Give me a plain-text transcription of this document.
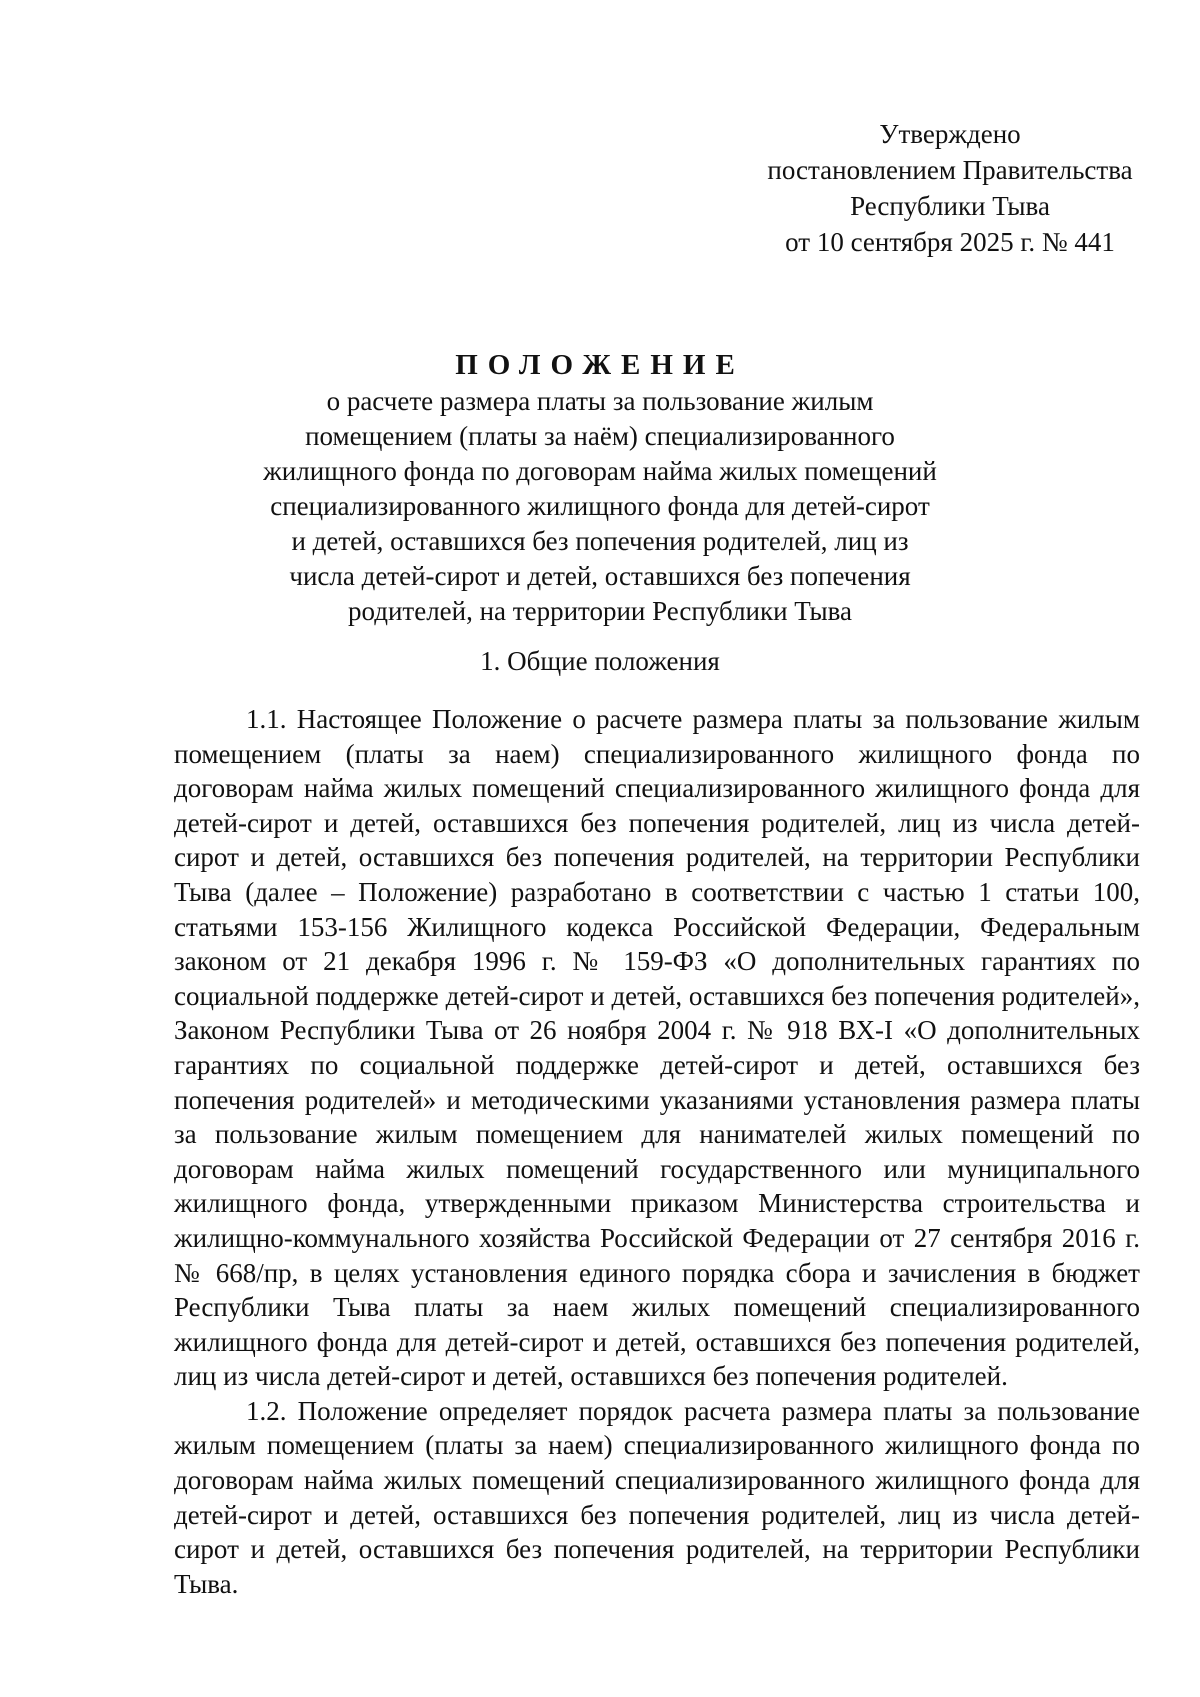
Утверждено
постановлением Правительства
Республики Тыва
от 10 сентября 2025 г. № 441
ПОЛОЖЕНИЕ
о расчете размера платы за пользование жилым
помещением (платы за наём) специализированного
жилищного фонда по договорам найма жилых помещений
специализированного жилищного фонда для детей-сирот
и детей, оставшихся без попечения родителей, лиц из
числа детей-сирот и детей, оставшихся без попечения
родителей, на территории Республики Тыва
1. Общие положения

1.1. Настоящее Положение о расчете размера платы за пользование жилым помещением (платы за наем) специализированного жилищного фонда по договорам найма жилых помещений специализированного жилищного фонда для детей-сирот и детей, оставшихся без попечения родителей, лиц из числа детей-сирот и детей, оставшихся без попечения родителей, на территории Республики Тыва (далее – Положение) разработано в соответствии с частью 1 статьи 100, статьями 153-156 Жилищного кодекса Российской Федерации, Федеральным законом от 21 декабря 1996 г. № 159-ФЗ «О дополнительных гарантиях по социальной поддержке детей-сирот и детей, оставшихся без попечения родителей», Законом Республики Тыва от 26 ноября 2004 г. № 918 ВХ-I «О дополнительных гарантиях по социальной поддержке детей-сирот и детей, оставшихся без попечения родителей» и методическими указаниями установления размера платы за пользование жилым помещением для нанимателей жилых помещений по договорам найма жилых помещений государственного или муниципального жилищного фонда, утвержденными приказом Министерства строительства и жилищно-коммунального хозяйства Российской Федерации от 27 сентября 2016 г. № 668/пр, в целях установления единого порядка сбора и зачисления в бюджет Республики Тыва платы за наем жилых помещений специализированного жилищного фонда для детей-сирот и детей, оставшихся без попечения родителей, лиц из числа детей-сирот и детей, оставшихся без попечения родителей.

1.2. Положение определяет порядок расчета размера платы за пользование жилым помещением (платы за наем) специализированного жилищного фонда по договорам найма жилых помещений специализированного жилищного фонда для детей-сирот и детей, оставшихся без попечения родителей, лиц из числа детей-сирот и детей, оставшихся без попечения родителей, на территории Республики Тыва.
